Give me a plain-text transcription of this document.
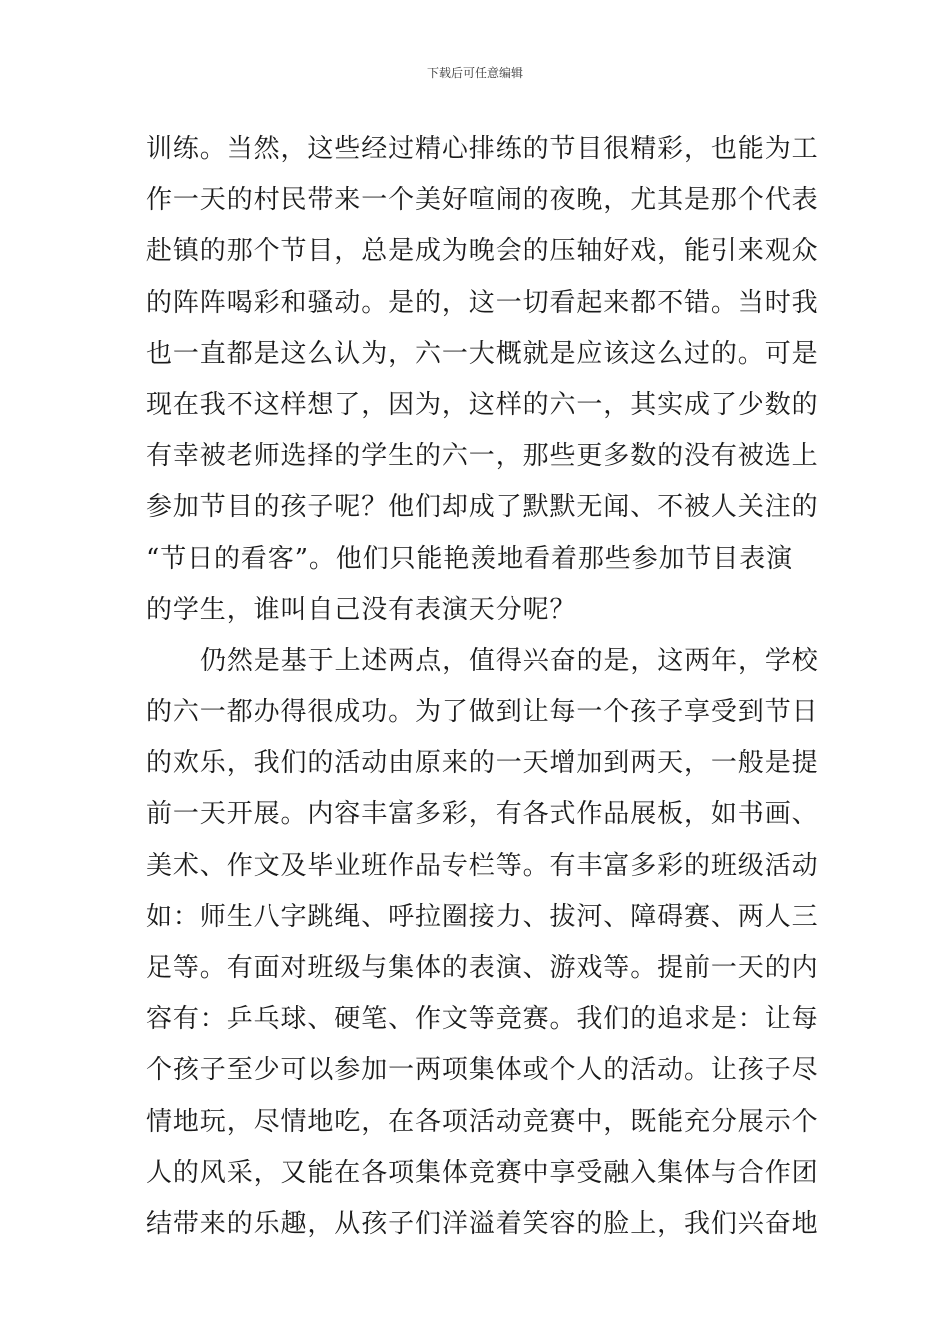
下载后可任意编辑
训练。当然，这些经过精心排练的节目很精彩，也能为工
作一天的村民带来一个美好喧闹的夜晚，尤其是那个代表
赴镇的那个节目，总是成为晚会的压轴好戏，能引来观众
的阵阵喝彩和骚动。是的，这一切看起来都不错。当时我
也一直都是这么认为，六一大概就是应该这么过的。可是
现在我不这样想了，因为，这样的六一，其实成了少数的
有幸被老师选择的学生的六一，那些更多数的没有被选上
参加节目的孩子呢？他们却成了默默无闻、不被人关注的
“节日的看客”。他们只能艳羡地看着那些参加节目表演
的学生，谁叫自己没有表演天分呢？
仍然是基于上述两点，值得兴奋的是，这两年，学校
的六一都办得很成功。为了做到让每一个孩子享受到节日
的欢乐，我们的活动由原来的一天增加到两天，一般是提
前一天开展。内容丰富多彩，有各式作品展板，如书画、
美术、作文及毕业班作品专栏等。有丰富多彩的班级活动
如：师生八字跳绳、呼拉圈接力、拔河、障碍赛、两人三
足等。有面对班级与集体的表演、游戏等。提前一天的内
容有：乒乓球、硬笔、作文等竞赛。我们的追求是：让每
个孩子至少可以参加一两项集体或个人的活动。让孩子尽
情地玩，尽情地吃，在各项活动竞赛中，既能充分展示个
人的风采，又能在各项集体竞赛中享受融入集体与合作团
结带来的乐趣，从孩子们洋溢着笑容的脸上，我们兴奋地
